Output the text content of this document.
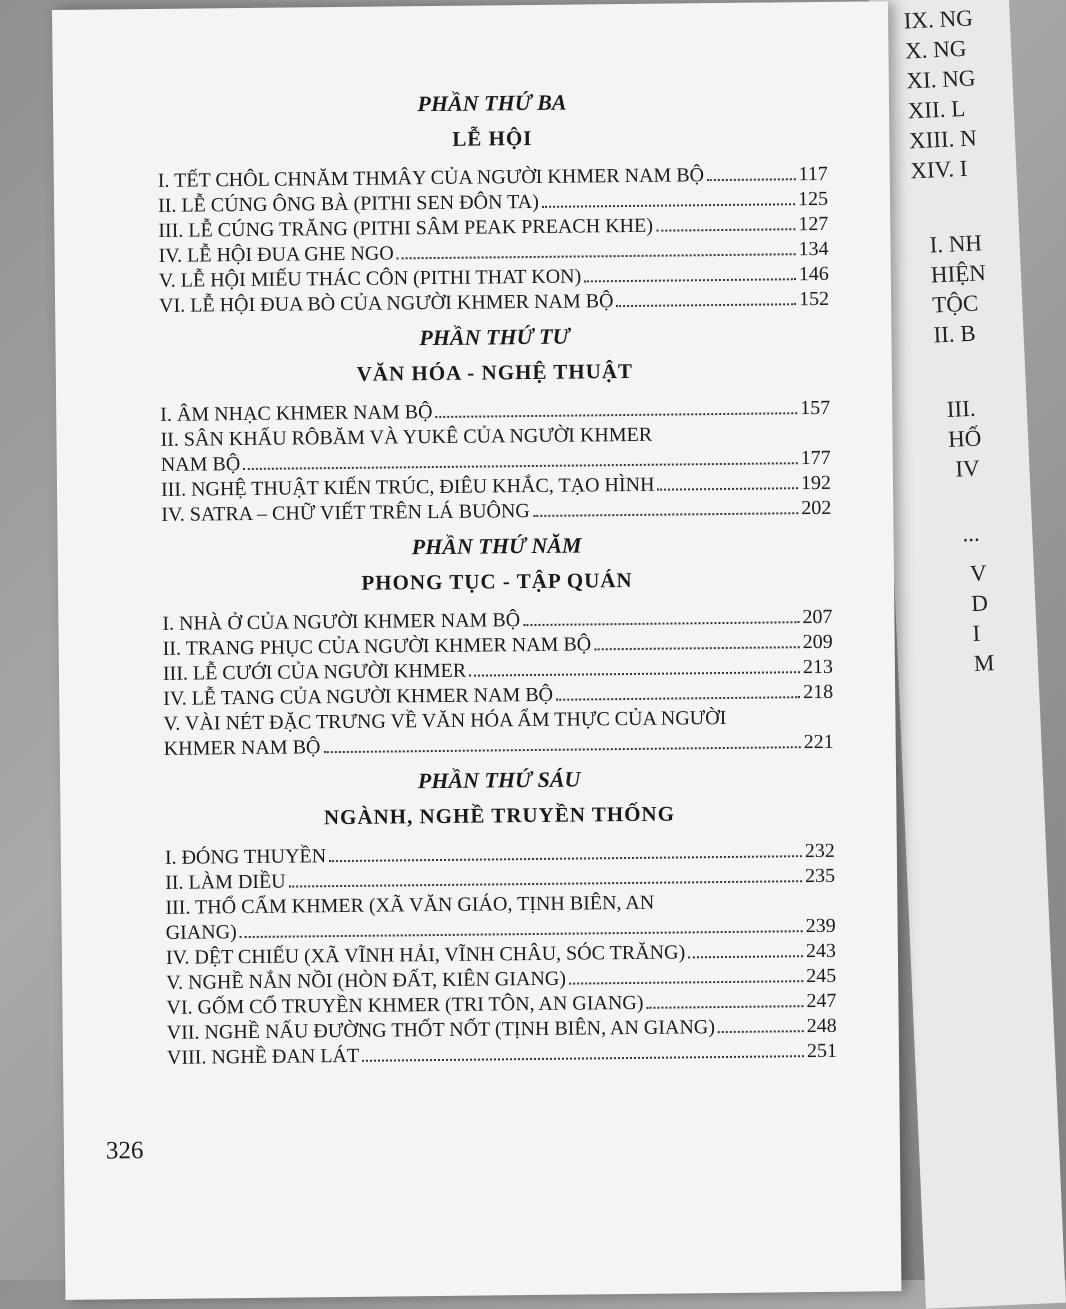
IX. NG
X. NG
XI. NG
XII. L
XIII. N
XIV. I
I. NH
HIỆN
TỘC
II. B
III.
HỐ
IV
...
V
D
I
M
PHẦN THỨ BA
LỄ HỘI
I. TẾT CHÔL CHNĂM THMÂY CỦA NGƯỜI KHMER NAM BỘ	117
II. LỄ CÚNG ÔNG BÀ (PITHI SEN ĐÔN TA)	125
III. LỄ CÚNG TRĂNG (PITHI SÂM PEAK PREACH KHE)	127
IV. LỄ HỘI ĐUA GHE NGO	134
V. LỄ HỘI MIẾU THÁC CÔN (PITHI THAT KON)	146
VI. LỄ HỘI ĐUA BÒ CỦA NGƯỜI KHMER NAM BỘ	152
PHẦN THỨ TƯ
VĂN HÓA - NGHỆ THUẬT
I. ÂM NHẠC KHMER NAM BỘ	157
II. SÂN KHẤU RÔBĂM VÀ YUKÊ CỦA NGƯỜI KHMER
NAM BỘ	177
III. NGHỆ THUẬT KIẾN TRÚC, ĐIÊU KHẮC, TẠO HÌNH	192
IV. SATRA – CHỮ VIẾT TRÊN LÁ BUÔNG	202
PHẦN THỨ NĂM
PHONG TỤC - TẬP QUÁN
I. NHÀ Ở CỦA NGƯỜI KHMER NAM BỘ	207
II. TRANG PHỤC CỦA NGƯỜI KHMER NAM BỘ	209
III. LỄ CƯỚI CỦA NGƯỜI KHMER	213
IV. LỄ TANG CỦA NGƯỜI KHMER NAM BỘ	218
V. VÀI NÉT ĐẶC TRƯNG VỀ VĂN HÓA ẨM THỰC CỦA NGƯỜI
KHMER NAM BỘ	221
PHẦN THỨ SÁU
NGÀNH, NGHỀ TRUYỀN THỐNG
I. ĐÓNG THUYỀN	232
II. LÀM DIỀU	235
III. THỔ CẨM KHMER (XÃ VĂN GIÁO, TỊNH BIÊN, AN
GIANG)	239
IV. DỆT CHIẾU (XÃ VĨNH HẢI, VĨNH CHÂU, SÓC TRĂNG)	243
V. NGHỀ NẮN NỒI (HÒN ĐẤT, KIÊN GIANG)	245
VI. GỐM CỔ TRUYỀN KHMER (TRI TÔN, AN GIANG)	247
VII. NGHỀ NẤU ĐƯỜNG THỐT NỐT (TỊNH BIÊN, AN GIANG)	248
VIII. NGHỀ ĐAN LÁT	251
326
